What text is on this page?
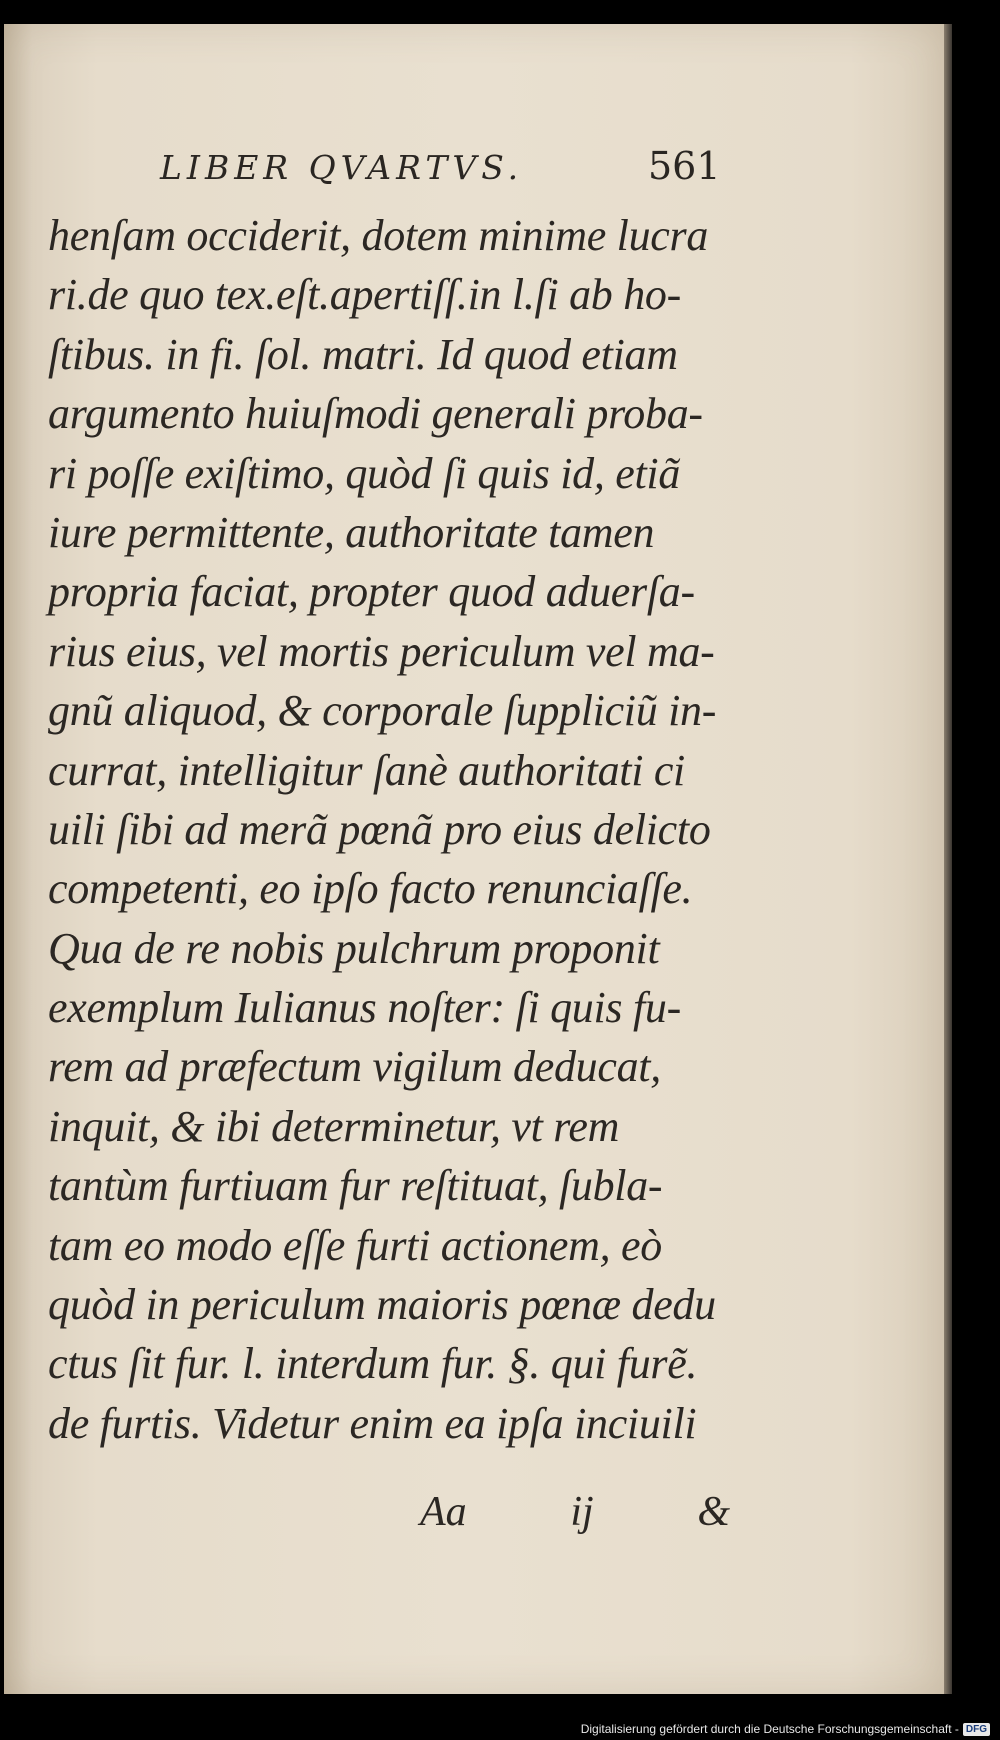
LIBER QVARTVS.	561
henſam occiderit, dotem minime lucra
ri.de quo tex.eſt.apertiſſ.in l.ſi ab ho‑
ſtibus. in fi. ſol. matri. Id quod etiam
argumento huiuſmodi generali proba‑
ri poſſe exiſtimo, quòd ſi quis id, etiã
iure permittente, authoritate tamen
propria faciat, propter quod aduerſa‑
rius eius, vel mortis periculum vel ma‑
gnũ aliquod, & corporale ſuppliciũ in‑
currat, intelligitur ſanè authoritati ci
uili ſibi ad merã pœnã pro eius delicto
competenti, eo ipſo facto renunciaſſe.
Qua de re nobis pulchrum proponit
exemplum Iulianus noſter: ſi quis fu‑
rem ad præfectum vigilum deducat,
inquit, & ibi determinetur, vt rem
tantùm furtiuam fur reſtituat, ſubla‑
tam eo modo eſſe furti actionem, eò
quòd in periculum maioris pœnæ dedu
ctus ſit fur. l. interdum fur. §. qui furẽ.
de furtis. Videtur enim ea ipſa inciuili
Aa ij &
Digitalisierung gefördert durch die Deutsche Forschungsgemeinschaft - DFG
